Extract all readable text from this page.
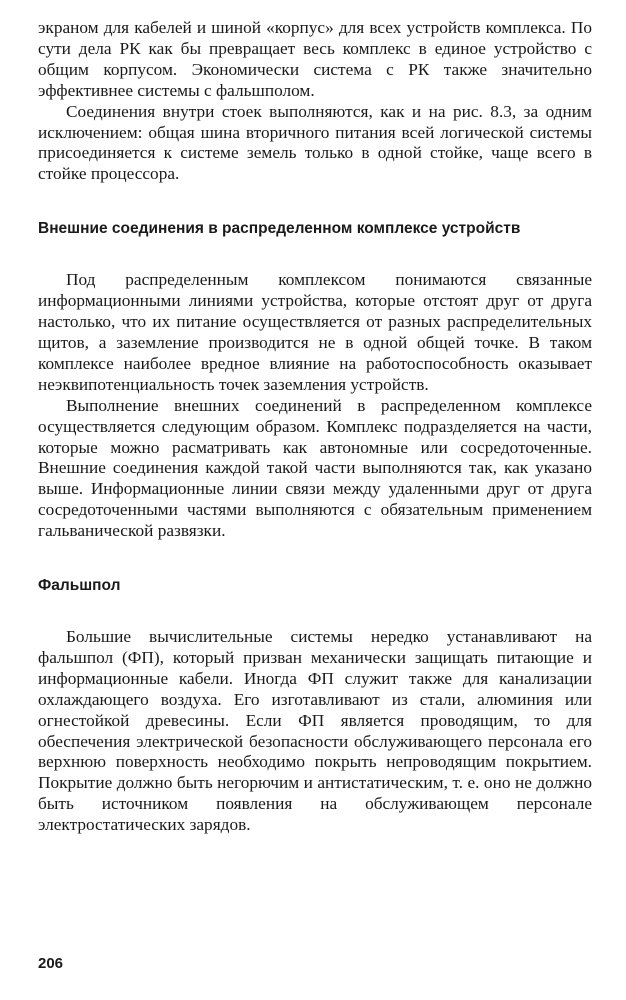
экраном для кабелей и шиной «корпус» для всех устройств комплекса. По сути дела РК как бы превращает весь комплекс в единое устройство с общим корпусом. Экономически система с РК также значительно эффективнее системы с фальшполом.

Соединения внутри стоек выполняются, как и на рис. 8.3, за одним исключением: общая шина вторичного питания всей логической системы присоединяется к системе земель только в одной стойке, чаще всего в стойке процессора.

Внешние соединения в распределенном комплексе устройств

Под распределенным комплексом понимаются связанные информационными линиями устройства, которые отстоят друг от друга настолько, что их питание осуществляется от разных распределительных щитов, а заземление производится не в одной общей точке. В таком комплексе наиболее вредное влияние на работоспособность оказывает неэквипотенциальность точек заземления устройств.

Выполнение внешних соединений в распределенном комплексе осуществляется следующим образом. Комплекс подразделяется на части, которые можно расматривать как автономные или сосредоточенные. Внешние соединения каждой такой части выполняются так, как указано выше. Информационные линии связи между удаленными друг от друга сосредоточенными частями выполняются с обязательным применением гальванической развязки.

Фальшпол

Большие вычислительные системы нередко устанавливают на фальшпол (ФП), который призван механически защищать питающие и информационные кабели. Иногда ФП служит также для канализации охлаждающего воздуха. Его изготавливают из стали, алюминия или огнестойкой древесины. Если ФП является проводящим, то для обеспечения электрической безопасности обслуживающего персонала его верхнюю поверхность необходимо покрыть непроводящим покрытием. Покрытие должно быть негорючим и антистатическим, т. е. оно не должно быть источником появления на обслуживающем персонале электростатических зарядов.

206
